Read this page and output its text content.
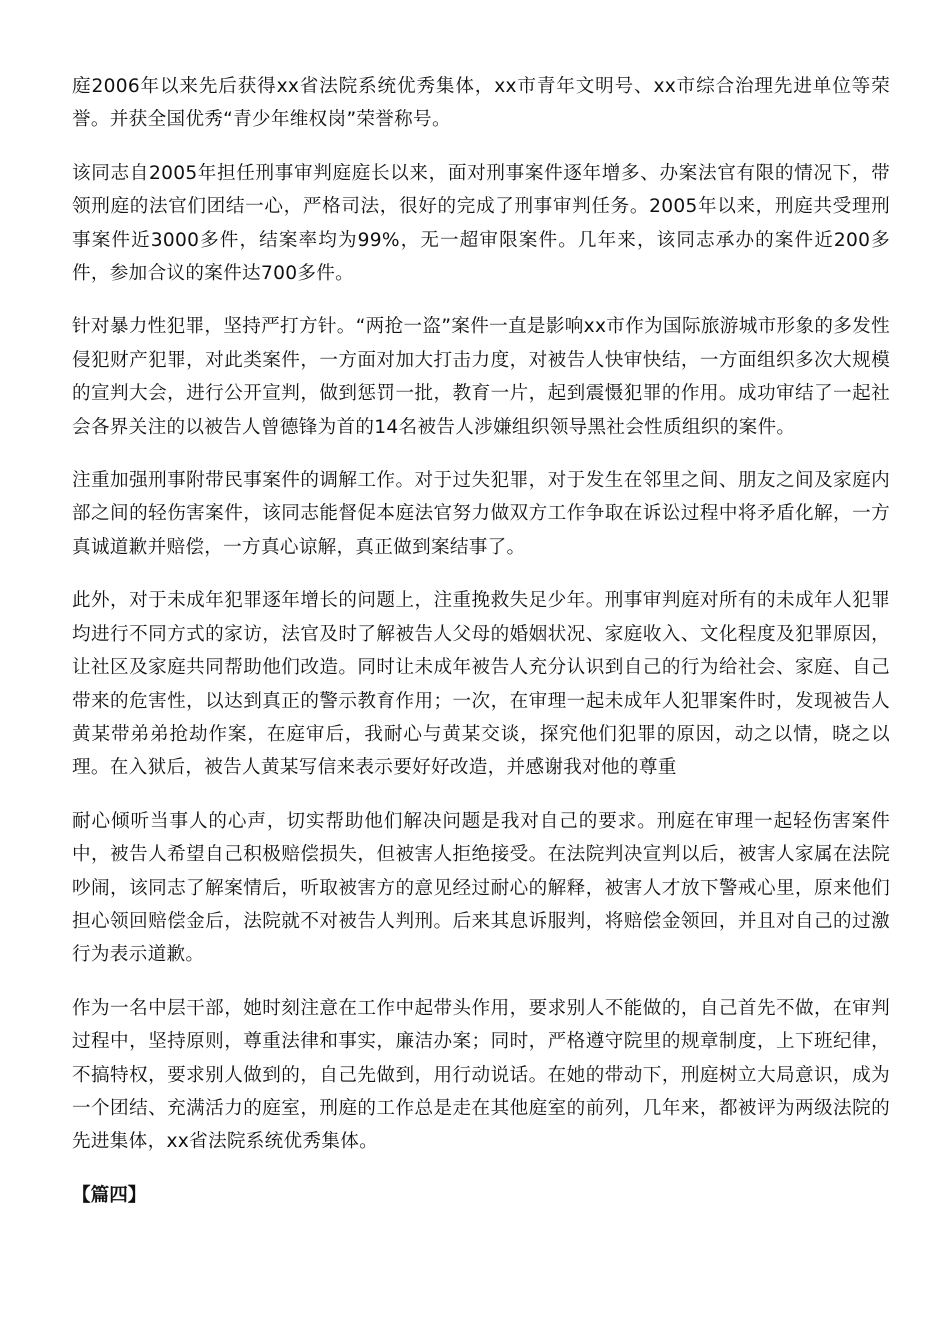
庭2006年以来先后获得xx省法院系统优秀集体，xx市青年文明号、xx市综合治理先进单位等荣誉。并获全国优秀“青少年维权岗”荣誉称号。

该同志自2005年担任刑事审判庭庭长以来，面对刑事案件逐年增多、办案法官有限的情况下，带领刑庭的法官们团结一心，严格司法，很好的完成了刑事审判任务。2005年以来，刑庭共受理刑事案件近3000多件，结案率均为99%，无一超审限案件。几年来，该同志承办的案件近200多件，参加合议的案件达700多件。

针对暴力性犯罪，坚持严打方针。“两抢一盗”案件一直是影响xx市作为国际旅游城市形象的多发性侵犯财产犯罪，对此类案件，一方面对加大打击力度，对被告人快审快结，一方面组织多次大规模的宣判大会，进行公开宣判，做到惩罚一批，教育一片，起到震慑犯罪的作用。成功审结了一起社会各界关注的以被告人曾德锋为首的14名被告人涉嫌组织领导黑社会性质组织的案件。

注重加强刑事附带民事案件的调解工作。对于过失犯罪，对于发生在邻里之间、朋友之间及家庭内部之间的轻伤害案件，该同志能督促本庭法官努力做双方工作争取在诉讼过程中将矛盾化解，一方真诚道歉并赔偿，一方真心谅解，真正做到案结事了。

此外，对于未成年犯罪逐年增长的问题上，注重挽救失足少年。刑事审判庭对所有的未成年人犯罪均进行不同方式的家访，法官及时了解被告人父母的婚姻状况、家庭收入、文化程度及犯罪原因，让社区及家庭共同帮助他们改造。同时让未成年被告人充分认识到自己的行为给社会、家庭、自己带来的危害性，以达到真正的警示教育作用；一次，在审理一起未成年人犯罪案件时，发现被告人黄某带弟弟抢劫作案，在庭审后，我耐心与黄某交谈，探究他们犯罪的原因，动之以情，晓之以理。在入狱后，被告人黄某写信来表示要好好改造，并感谢我对他的尊重

耐心倾听当事人的心声，切实帮助他们解决问题是我对自己的要求。刑庭在审理一起轻伤害案件中，被告人希望自己积极赔偿损失，但被害人拒绝接受。在法院判决宣判以后，被害人家属在法院吵闹，该同志了解案情后，听取被害方的意见经过耐心的解释，被害人才放下警戒心里，原来他们担心领回赔偿金后，法院就不对被告人判刑。后来其息诉服判，将赔偿金领回，并且对自己的过激行为表示道歉。

作为一名中层干部，她时刻注意在工作中起带头作用，要求别人不能做的，自己首先不做，在审判过程中，坚持原则，尊重法律和事实，廉洁办案；同时，严格遵守院里的规章制度，上下班纪律，不搞特权，要求别人做到的，自己先做到，用行动说话。在她的带动下，刑庭树立大局意识，成为一个团结、充满活力的庭室，刑庭的工作总是走在其他庭室的前列，几年来，都被评为两级法院的先进集体，xx省法院系统优秀集体。

【篇四】
